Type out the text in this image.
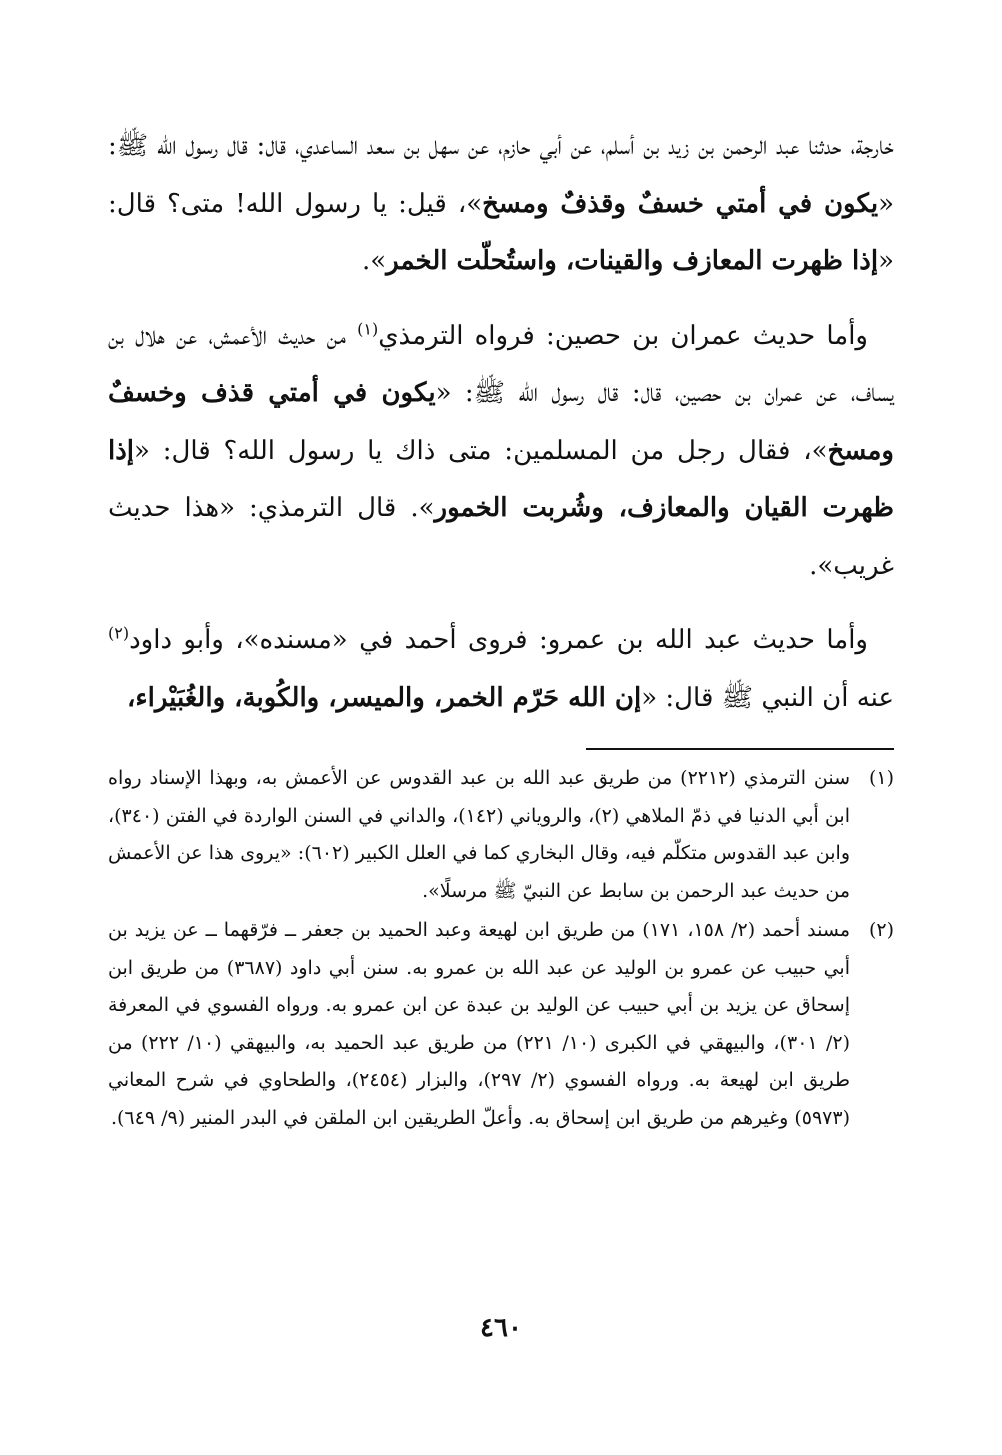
خارجة، حدثنا عبد الرحمن بن زيد بن أسلم، عن أبي حازم، عن سهل بن سعد الساعدي، قال: قال رسول الله ﷺ: «يكون في أمتي خسفٌ وقذفٌ ومسخ»، قيل: يا رسول الله! متى؟ قال: «إذا ظهرت المعازف والقينات، واستُحلّت الخمر».

وأما حديث عمران بن حصين: فرواه الترمذي$^{(١)}$ من حديث الأعمش، عن هلال بن يساف، عن عمران بن حصين، قال: قال رسول الله ﷺ: «يكون في أمتي قذف وخسفٌ ومسخ»، فقال رجل من المسلمين: متى ذاك يا رسول الله؟ قال: «إذا ظهرت القيان والمعازف، وشُربت الخمور». قال الترمذي: «هذا حديث غريب».

وأما حديث عبد الله بن عمرو: فروى أحمد في «مسنده»، وأبو داود$^{(٢)}$ عنه أن النبي ﷺ قال: «إن الله حَرّم الخمر، والميسر، والكُوبة، والغُبَيْراء،

(١)
سنن الترمذي (٢٢١٢) من طريق عبد الله بن عبد القدوس عن الأعمش به، وبهذا الإسناد رواه ابن أبي الدنيا في ذمّ الملاهي (٢)، والروياني (١٤٢)، والداني في السنن الواردة في الفتن (٣٤٠)، وابن عبد القدوس متكلّم فيه، وقال البخاري كما في العلل الكبير (٦٠٢): «يروى هذا عن الأعمش من حديث عبد الرحمن بن سابط عن النبيّ ﷺ مرسلًا».
(٢)
مسند أحمد (٢/ ١٥٨، ١٧١) من طريق ابن لهيعة وعبد الحميد بن جعفر ــ فرّقهما ــ عن يزيد بن أبي حبيب عن عمرو بن الوليد عن عبد الله بن عمرو به. سنن أبي داود (٣٦٨٧) من طريق ابن إسحاق عن يزيد بن أبي حبيب عن الوليد بن عبدة عن ابن عمرو به. ورواه الفسوي في المعرفة (٢/ ٣٠١)، والبيهقي في الكبرى (١٠/ ٢٢١) من طريق عبد الحميد به، والبيهقي (١٠/ ٢٢٢) من طريق ابن لهيعة به. ورواه الفسوي (٢/ ٢٩٧)، والبزار (٢٤٥٤)، والطحاوي في شرح المعاني (٥٩٧٣) وغيرهم من طريق ابن إسحاق به. وأعلّ الطريقين ابن الملقن في البدر المنير (٩/ ٦٤٩).
٤٦٠
